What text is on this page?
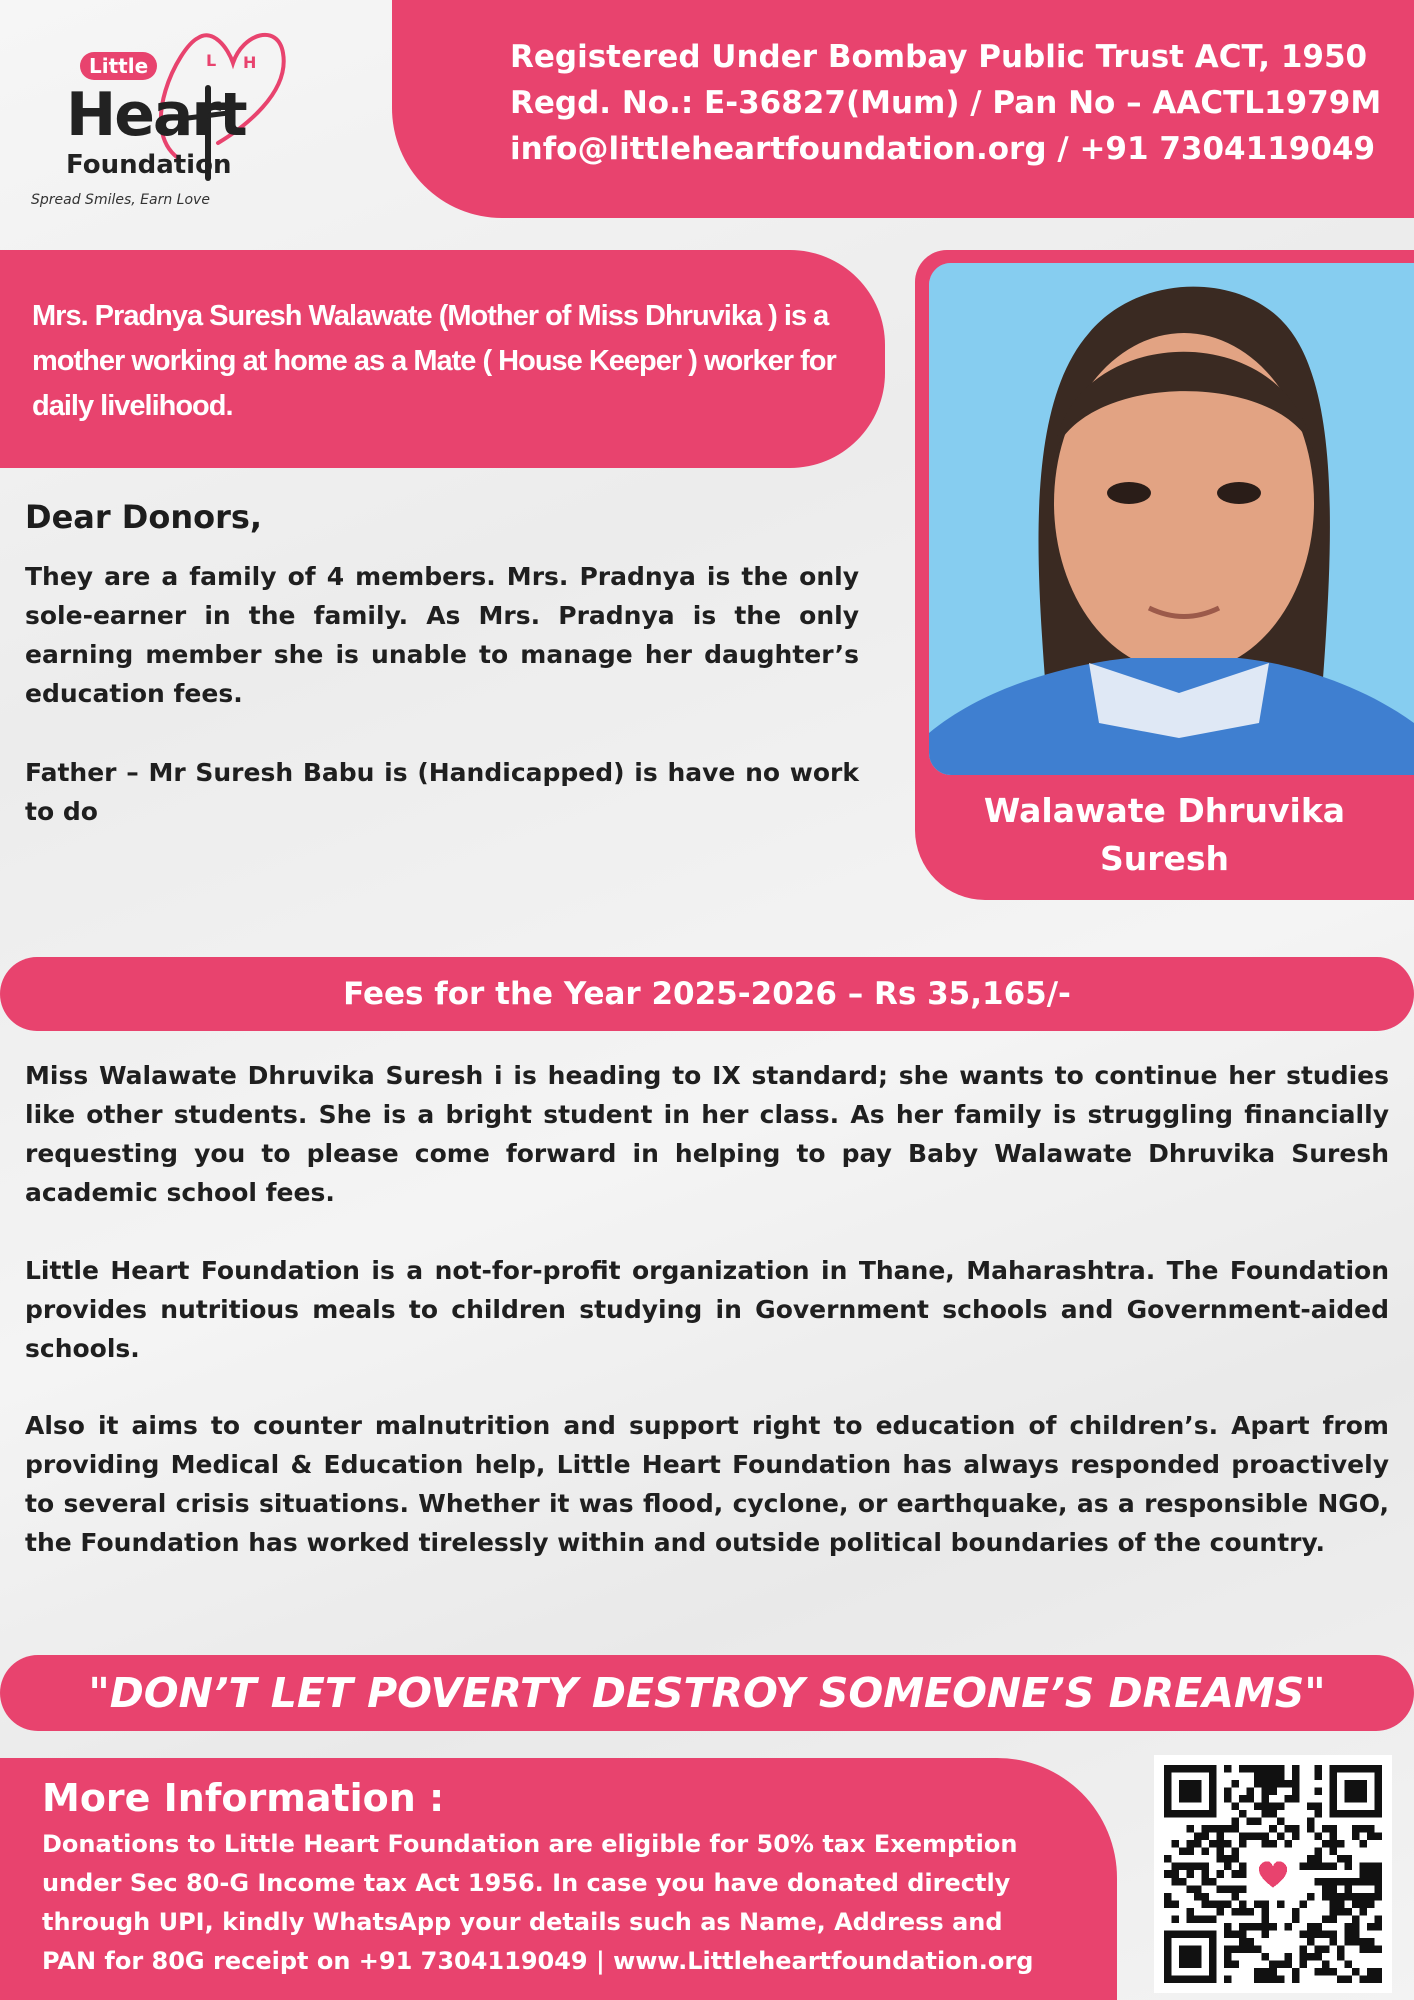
L H
Little
Heart
Foundation
Spread Smiles, Earn Love
Registered Under Bombay Public Trust ACT, 1950
Regd. No.: E-36827(Mum) / Pan No – AACTL1979M
info@littleheartfoundation.org / +91 7304119049

Mrs. Pradnya Suresh Walawate (Mother of Miss Dhruvika ) is a mother working at home as a Mate ( House Keeper ) worker for daily livelihood.

Walawate Dhruvika
Suresh
Dear Donors,
They are a family of 4 members. Mrs. Pradnya is the only sole-earner in the family. As Mrs. Pradnya is the only earning member she is unable to manage her daughter’s education fees.
Father – Mr Suresh Babu is (Handicapped) is have no work to do
Fees for the Year 2025-2026 – Rs 35,165/-
Miss Walawate Dhruvika Suresh i is heading to IX standard; she wants to continue her studies like other students. She is a bright student in her class. As her family is struggling financially requesting you to please come forward in helping to pay Baby Walawate Dhruvika Suresh academic school fees.
Little Heart Foundation is a not-for-profit organization in Thane, Maharashtra. The Foundation provides nutritious meals to children studying in Government schools and Government-aided schools.
Also it aims to counter malnutrition and support right to education of children’s. Apart from providing Medical & Education help, Little Heart Foundation has always responded proactively to several crisis situations. Whether it was flood, cyclone, or earthquake, as a responsible NGO, the Foundation has worked tirelessly within and outside political boundaries of the country.
"DON’T LET POVERTY DESTROY SOMEONE’S DREAMS"
More Information :
Donations to Little Heart Foundation are eligible for 50% tax Exemption
under Sec 80-G Income tax Act 1956. In case you have donated directly
through UPI, kindly WhatsApp your details such as Name, Address and
PAN for 80G receipt on +91 7304119049 | www.Littleheartfoundation.org
